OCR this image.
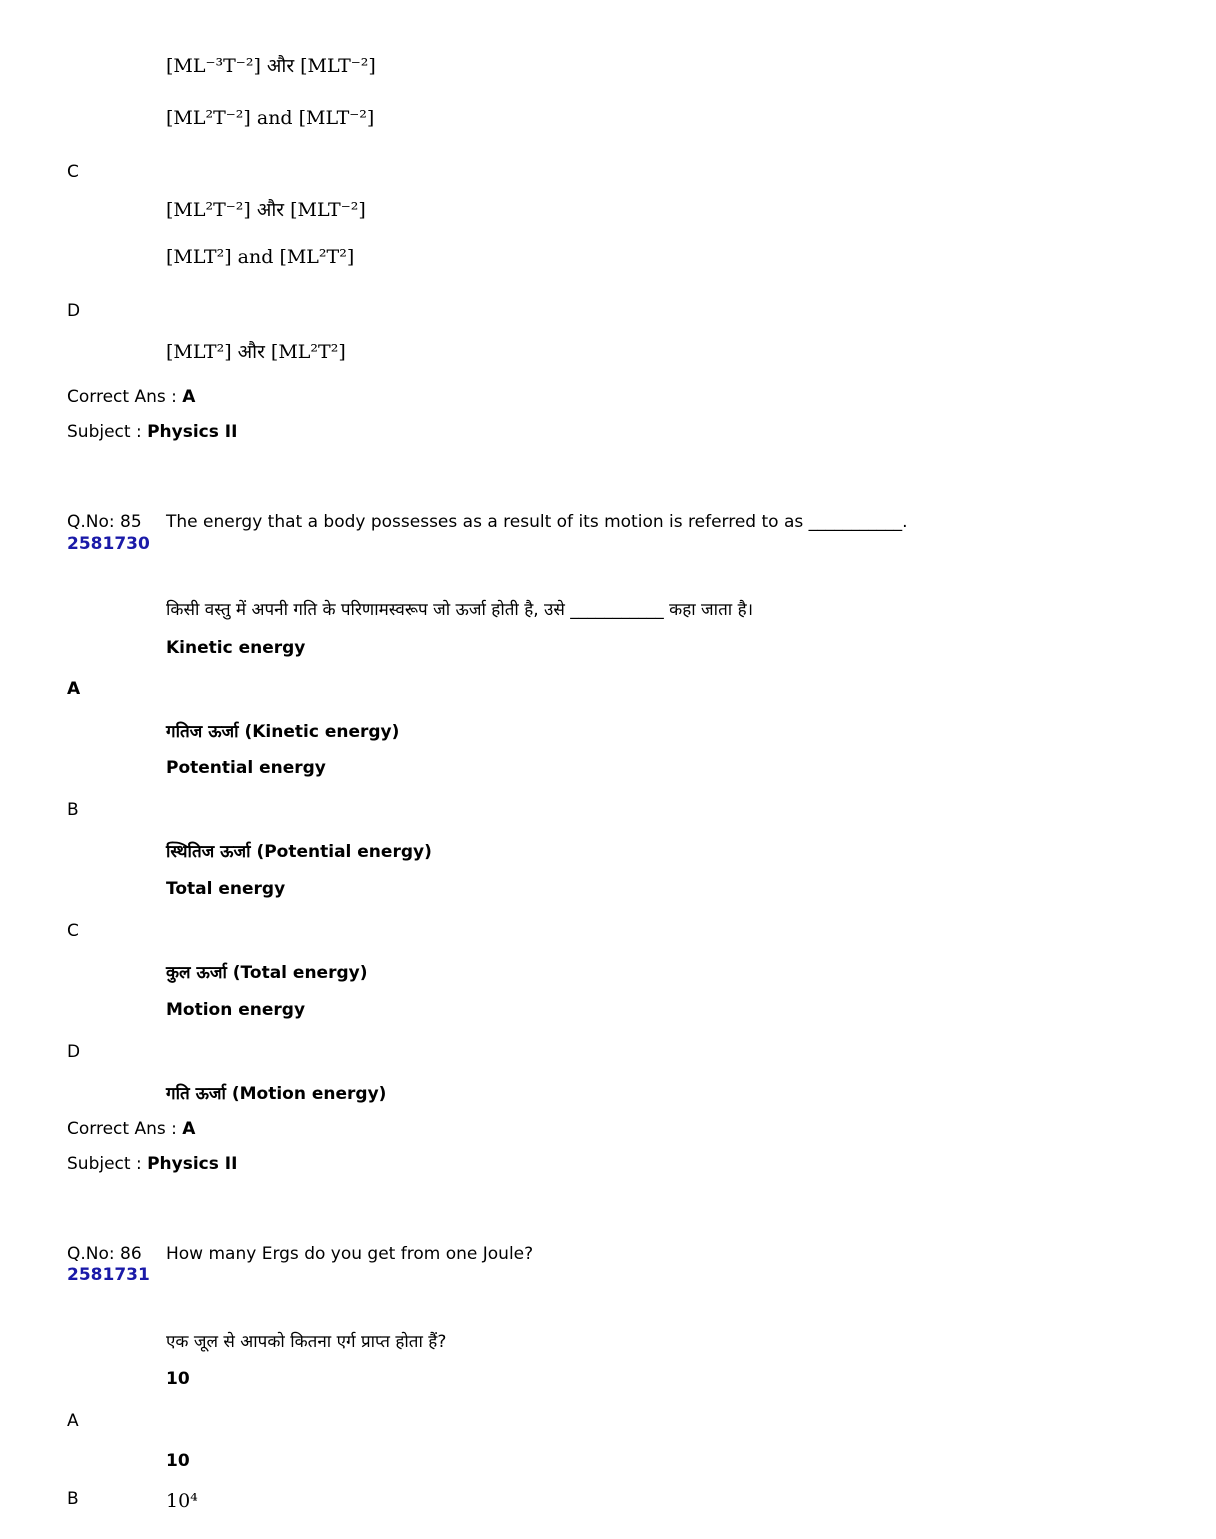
[ML⁻³T⁻²] और [MLT⁻²]
[ML²T⁻²] and [MLT⁻²]
C
[ML²T⁻²] और [MLT⁻²]
[MLT²] and [ML²T²]
D
[MLT²] और [ML²T²]
Correct Ans : A
Subject : Physics II
Q.No: 85
2581730
The energy that a body possesses as a result of its motion is referred to as ___________.
किसी वस्तु में अपनी गति के परिणामस्वरूप जो ऊर्जा होती है, उसे ___________ कहा जाता है।
Kinetic energy
A
गतिज ऊर्जा (Kinetic energy)
Potential energy
B
स्थितिज ऊर्जा (Potential energy)
Total energy
C
कुल ऊर्जा (Total energy)
Motion energy
D
गति ऊर्जा (Motion energy)
Correct Ans : A
Subject : Physics II
Q.No: 86
2581731
How many Ergs do you get from one Joule?
एक जूल से आपको कितना एर्ग प्राप्त होता हैं?
10
A
10
B	10⁴
